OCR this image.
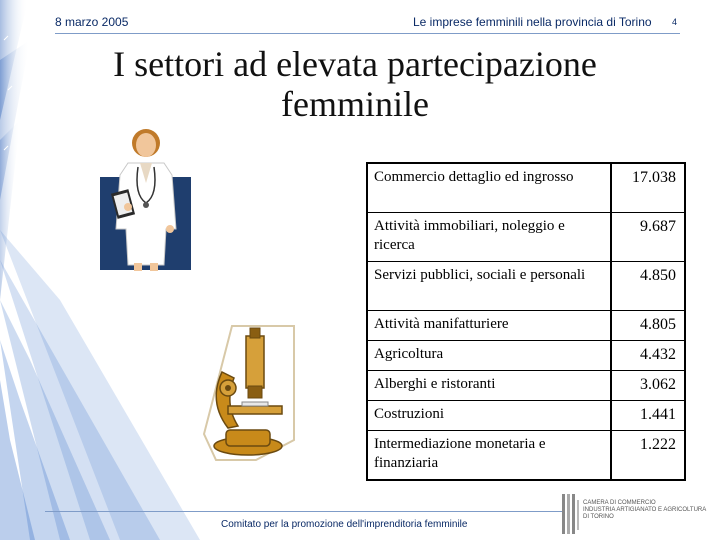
8 marzo 2005	Le imprese femminili nella provincia di Torino 4
I settori ad elevata partecipazione femminile
Commercio dettaglio ed ingrosso	17.038
Attività immobiliari, noleggio e ricerca	9.687
Servizi pubblici, sociali e personali	4.850
Attività manifatturiere	4.805
Agricoltura	4.432
Alberghi e ristoranti	3.062
Costruzioni	1.441
Intermediazione monetaria e finanziaria	1.222
Comitato per la promozione dell'imprenditoria femminile
CAMERA DI COMMERCIO
INDUSTRIA ARTIGIANATO E AGRICOLTURA
DI TORINO
